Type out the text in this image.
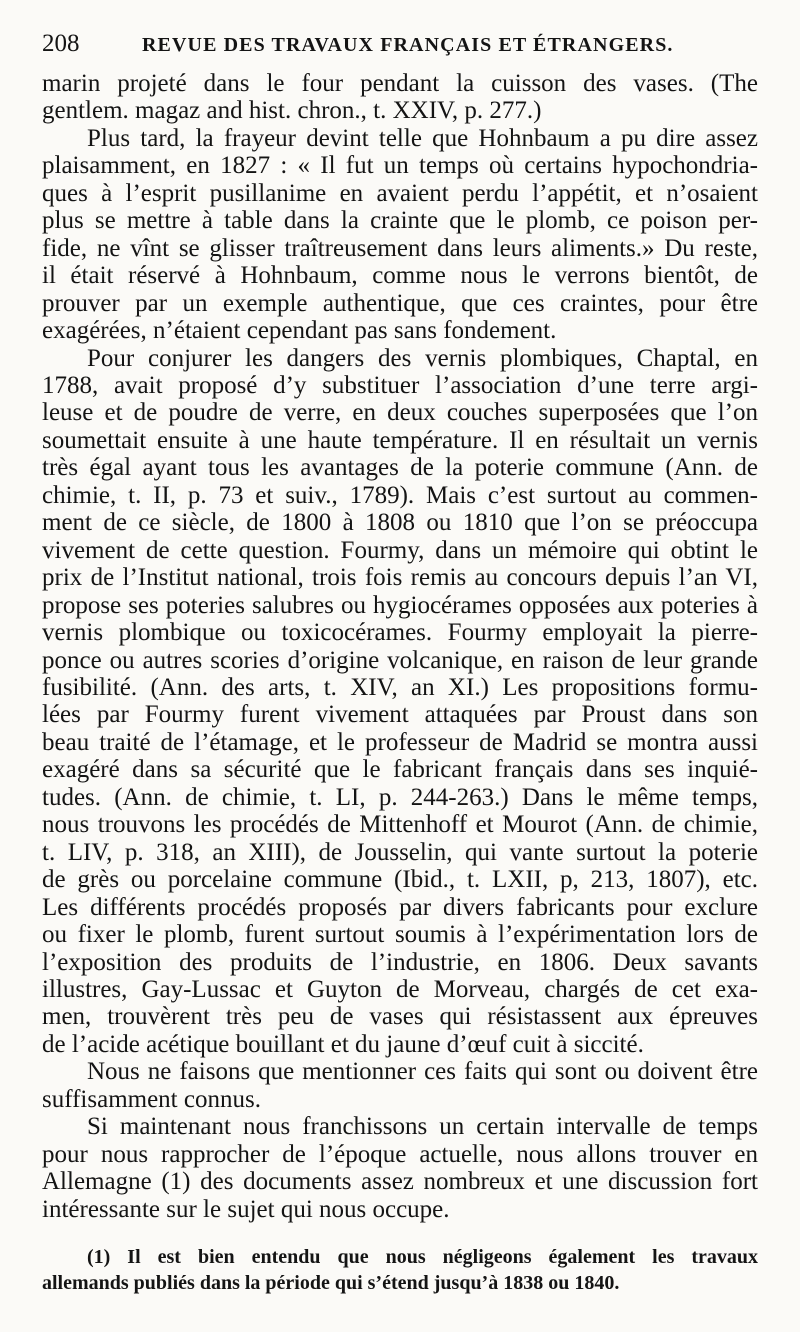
208	REVUE DES TRAVAUX FRANÇAIS ET ÉTRANGERS.
marin projeté dans le four pendant la cuisson des vases. (The
gentlem. magaz and hist. chron., t. XXIV, p. 277.)
Plus tard, la frayeur devint telle que Hohnbaum a pu dire assez
plaisamment, en 1827 : « Il fut un temps où certains hypochondria-
ques à l’esprit pusillanime en avaient perdu l’appétit, et n’osaient
plus se mettre à table dans la crainte que le plomb, ce poison per-
fide, ne vînt se glisser traîtreusement dans leurs aliments.» Du reste,
il était réservé à Hohnbaum, comme nous le verrons bientôt, de
prouver par un exemple authentique, que ces craintes, pour être
exagérées, n’étaient cependant pas sans fondement.
Pour conjurer les dangers des vernis plombiques, Chaptal, en
1788, avait proposé d’y substituer l’association d’une terre argi-
leuse et de poudre de verre, en deux couches superposées que l’on
soumettait ensuite à une haute température. Il en résultait un vernis
très égal ayant tous les avantages de la poterie commune (Ann. de
chimie, t. II, p. 73 et suiv., 1789). Mais c’est surtout au commen-
ment de ce siècle, de 1800 à 1808 ou 1810 que l’on se préoccupa
vivement de cette question. Fourmy, dans un mémoire qui obtint le
prix de l’Institut national, trois fois remis au concours depuis l’an VI,
propose ses poteries salubres ou hygiocérames opposées aux poteries à
vernis plombique ou toxicocérames. Fourmy employait la pierre-
ponce ou autres scories d’origine volcanique, en raison de leur grande
fusibilité. (Ann. des arts, t. XIV, an XI.) Les propositions formu-
lées par Fourmy furent vivement attaquées par Proust dans son
beau traité de l’étamage, et le professeur de Madrid se montra aussi
exagéré dans sa sécurité que le fabricant français dans ses inquié-
tudes. (Ann. de chimie, t. LI, p. 244-263.) Dans le même temps,
nous trouvons les procédés de Mittenhoff et Mourot (Ann. de chimie,
t. LIV, p. 318, an XIII), de Jousselin, qui vante surtout la poterie
de grès ou porcelaine commune (Ibid., t. LXII, p, 213, 1807), etc.
Les différents procédés proposés par divers fabricants pour exclure
ou fixer le plomb, furent surtout soumis à l’expérimentation lors de
l’exposition des produits de l’industrie, en 1806. Deux savants
illustres, Gay-Lussac et Guyton de Morveau, chargés de cet exa-
men, trouvèrent très peu de vases qui résistassent aux épreuves
de l’acide acétique bouillant et du jaune d’œuf cuit à siccité.
Nous ne faisons que mentionner ces faits qui sont ou doivent être
suffisamment connus.
Si maintenant nous franchissons un certain intervalle de temps
pour nous rapprocher de l’époque actuelle, nous allons trouver en
Allemagne (1) des documents assez nombreux et une discussion fort
intéressante sur le sujet qui nous occupe.
(1) Il est bien entendu que nous négligeons également les travaux
allemands publiés dans la période qui s’étend jusqu’à 1838 ou 1840.
